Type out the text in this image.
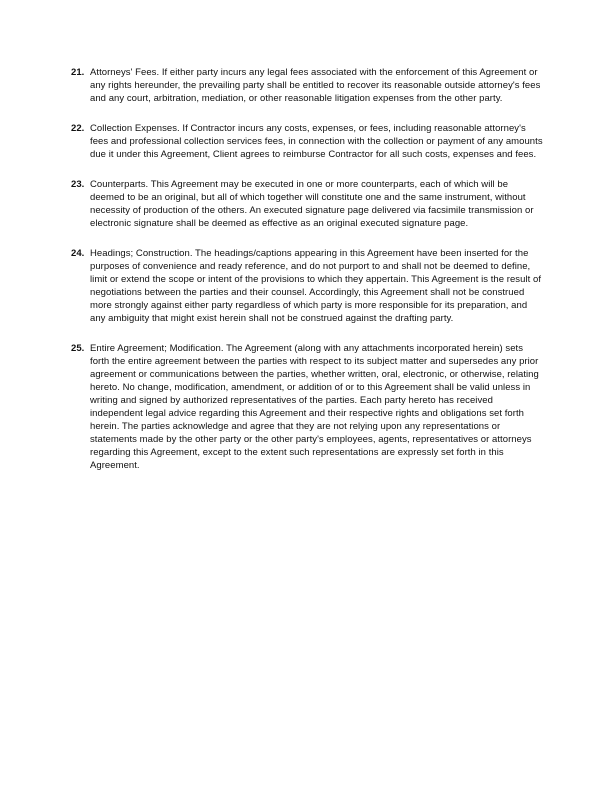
21. Attorneys' Fees. If either party incurs any legal fees associated with the enforcement of this Agreement or any rights hereunder, the prevailing party shall be entitled to recover its reasonable outside attorney's fees and any court, arbitration, mediation, or other reasonable litigation expenses from the other party.
22. Collection Expenses. If Contractor incurs any costs, expenses, or fees, including reasonable attorney's fees and professional collection services fees, in connection with the collection or payment of any amounts due it under this Agreement, Client agrees to reimburse Contractor for all such costs, expenses and fees.
23. Counterparts. This Agreement may be executed in one or more counterparts, each of which will be deemed to be an original, but all of which together will constitute one and the same instrument, without necessity of production of the others. An executed signature page delivered via facsimile transmission or electronic signature shall be deemed as effective as an original executed signature page.
24. Headings; Construction. The headings/captions appearing in this Agreement have been inserted for the purposes of convenience and ready reference, and do not purport to and shall not be deemed to define, limit or extend the scope or intent of the provisions to which they appertain. This Agreement is the result of negotiations between the parties and their counsel. Accordingly, this Agreement shall not be construed more strongly against either party regardless of which party is more responsible for its preparation, and any ambiguity that might exist herein shall not be construed against the drafting party.
25. Entire Agreement; Modification. The Agreement (along with any attachments incorporated herein) sets forth the entire agreement between the parties with respect to its subject matter and supersedes any prior agreement or communications between the parties, whether written, oral, electronic, or otherwise, relating hereto. No change, modification, amendment, or addition of or to this Agreement shall be valid unless in writing and signed by authorized representatives of the parties. Each party hereto has received independent legal advice regarding this Agreement and their respective rights and obligations set forth herein. The parties acknowledge and agree that they are not relying upon any representations or statements made by the other party or the other party's employees, agents, representatives or attorneys regarding this Agreement, except to the extent such representations are expressly set forth in this Agreement.
